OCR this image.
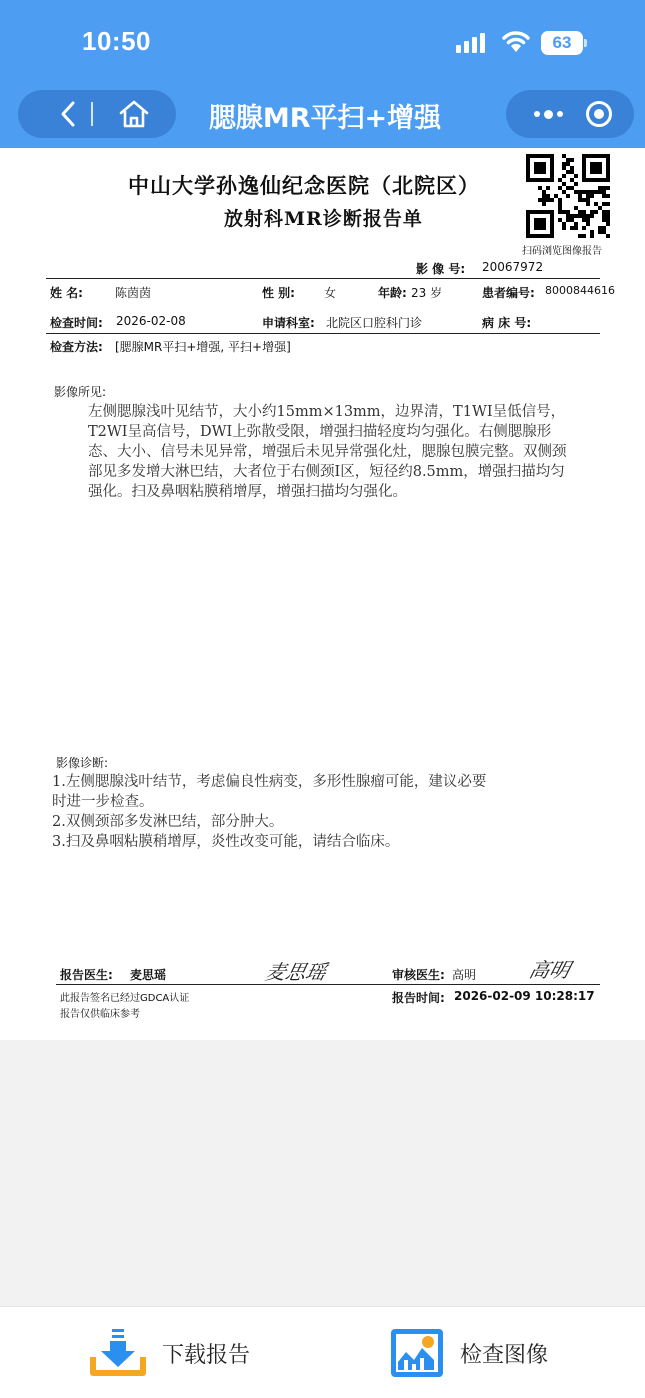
10:50	63
腮腺MR平扫+增强
中山大学孙逸仙纪念医院（北院区）
放射科MR诊断报告单
扫码浏览图像报告
影 像 号: 20067972
姓 名:	陈茵茵	性 别: 女	年龄: 23 岁	患者编号: 8000844616
检查时间: 2026-02-08	申请科室: 北院区口腔科门诊	病 床 号:
检查方法: [腮腺MR平扫+增强, 平扫+增强]
影像所见:
左侧腮腺浅叶见结节，大小约15mm×13mm，边界清，T1WI呈低信号，T2WI呈高信号，DWI上弥散受限，增强扫描轻度均匀强化。右侧腮腺形态、大小、信号未见异常，增强后未见异常强化灶，腮腺包膜完整。双侧颈部见多发增大淋巴结，大者位于右侧颈I区，短径约8.5mm，增强扫描均匀强化。扫及鼻咽粘膜稍增厚，增强扫描均匀强化。
影像诊断:
1.左侧腮腺浅叶结节，考虑偏良性病变，多形性腺瘤可能，建议必要
时进一步检查。
2.双侧颈部多发淋巴结，部分肿大。
3.扫及鼻咽粘膜稍增厚，炎性改变可能，请结合临床。
报告医生: 麦思瑶	麦思瑶	审核医生: 高明	高明
此报告签名已经过GDCA认证
报告仅供临床参考
报告时间: 2026-02-09 10:28:17
下载报告	检查图像
